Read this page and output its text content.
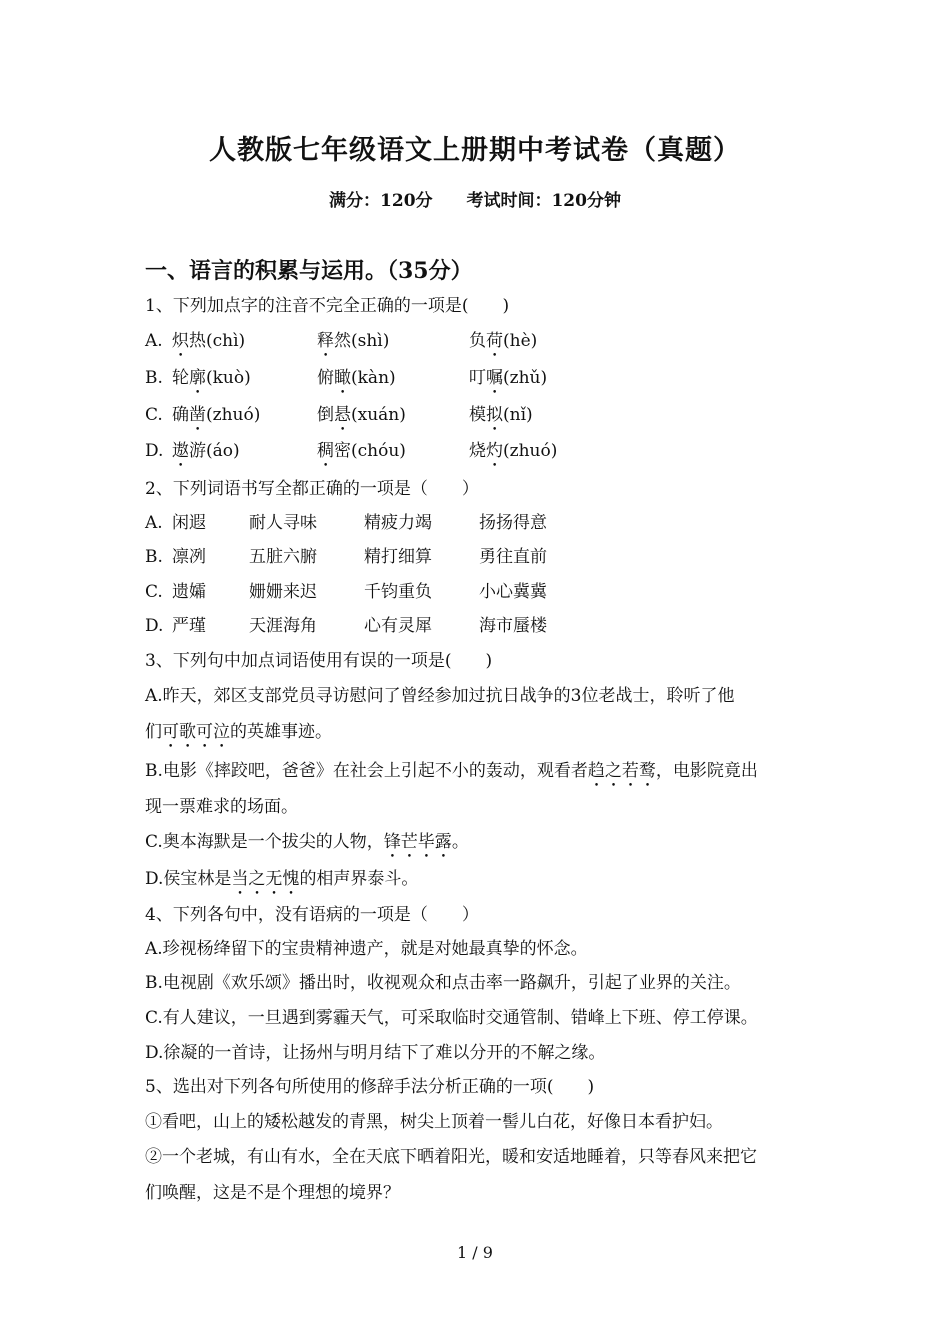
人教版七年级语文上册期中考试卷（真题）
满分：120分 考试时间：120分钟
一、语言的积累与运用。（35分）
1、下列加点字的注音不完全正确的一项是(　　)
A. 炽热(chì)	释然(shì)	负荷(hè)
B. 轮廓(kuò)	俯瞰(kàn)	叮嘱(zhǔ)
C. 确凿(zhuó)	倒悬(xuán)	模拟(nǐ)
D. 遨游(áo)	稠密(chóu)	烧灼(zhuó)
2、下列词语书写全都正确的一项是（　　）
A. 闲遐	耐人寻味	精疲力竭	扬扬得意
B. 凛冽	五脏六腑	精打细算	勇往直前
C. 遗孀	姗姗来迟	千钧重负	小心冀冀
D. 严瑾	天涯海角	心有灵犀	海市蜃楼
3、下列句中加点词语使用有误的一项是(　　)
A.昨天，郊区支部党员寻访慰问了曾经参加过抗日战争的3位老战士，聆听了他
们可歌可泣的英雄事迹。
B.电影《摔跤吧，爸爸》在社会上引起不小的轰动，观看者趋之若鹜，电影院竟出
现一票难求的场面。
C.奥本海默是一个拔尖的人物，锋芒毕露。
D.侯宝林是当之无愧的相声界泰斗。
4、下列各句中，没有语病的一项是（　　）
A.珍视杨绛留下的宝贵精神遗产，就是对她最真挚的怀念。
B.电视剧《欢乐颂》播出时，收视观众和点击率一路飙升，引起了业界的关注。
C.有人建议，一旦遇到雾霾天气，可采取临时交通管制、错峰上下班、停工停课。
D.徐凝的一首诗，让扬州与明月结下了难以分开的不解之缘。
5、选出对下列各句所使用的修辞手法分析正确的一项(　　)
①看吧，山上的矮松越发的青黑，树尖上顶着一髻儿白花，好像日本看护妇。
②一个老城，有山有水，全在天底下晒着阳光，暖和安适地睡着，只等春风来把它
们唤醒，这是不是个理想的境界？
1 / 9
